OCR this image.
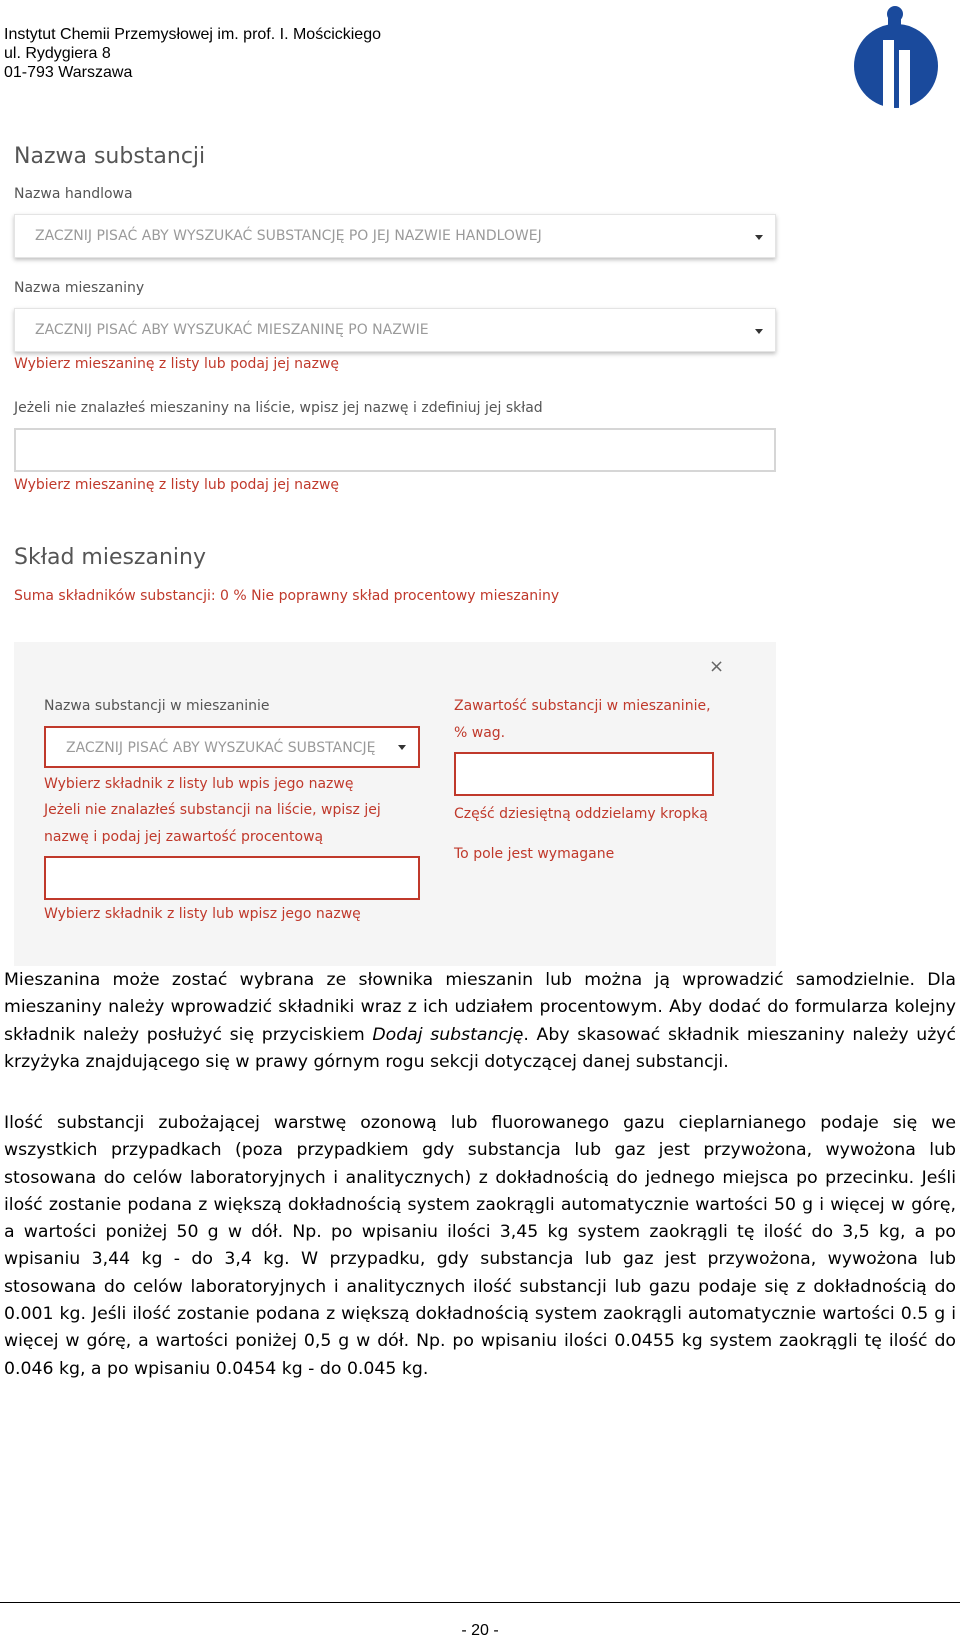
Instytut Chemii Przemysłowej im. prof. I. Mościckiego
ul. Rydygiera 8
01-793 Warszawa
Nazwa substancji
Nazwa handlowa
ZACZNIJ PISAĆ ABY WYSZUKAĆ SUBSTANCJĘ PO JEJ NAZWIE HANDLOWEJ
Nazwa mieszaniny
ZACZNIJ PISAĆ ABY WYSZUKAĆ MIESZANINĘ PO NAZWIE
Wybierz mieszaninę z listy lub podaj jej nazwę
Jeżeli nie znalazłeś mieszaniny na liście, wpisz jej nazwę i zdefiniuj jej skład
Wybierz mieszaninę z listy lub podaj jej nazwę
Skład mieszaniny
Suma składników substancji: 0 % Nie poprawny skład procentowy mieszaniny
×
Nazwa substancji w mieszaninie
ZACZNIJ PISAĆ ABY WYSZUKAĆ SUBSTANCJĘ
Wybierz składnik z listy lub wpis jego nazwę
Jeżeli nie znalazłeś substancji na liście, wpisz jej
nazwę i podaj jej zawartość procentową
Wybierz składnik z listy lub wpisz jego nazwę
Zawartość substancji w mieszaninie,
% wag.
Część dziesiętną oddzielamy kropką
To pole jest wymagane

Mieszanina może zostać wybrana ze słownika mieszanin lub można ją wprowadzić samodzielnie. Dla mieszaniny należy wprowadzić składniki wraz z ich udziałem procentowym. Aby dodać do formularza kolejny składnik należy posłużyć się przyciskiem Dodaj substancję. Aby skasować składnik mieszaniny należy użyć krzyżyka znajdującego się w prawy górnym rogu sekcji dotyczącej danej substancji.

Ilość substancji zubożającej warstwę ozonową lub fluorowanego gazu cieplarnianego podaje się we wszystkich przypadkach (poza przypadkiem gdy substancja lub gaz jest przywożona, wywożona lub stosowana do celów laboratoryjnych i analitycznych) z dokładnością do jednego miejsca po przecinku. Jeśli ilość zostanie podana z większą dokładnością system zaokrągli automatycznie wartości 50 g i więcej w górę, a wartości poniżej 50 g w dół. Np. po wpisaniu ilości 3,45 kg system zaokrągli tę ilość do 3,5 kg, a po wpisaniu 3,44 kg - do 3,4 kg. W przypadku, gdy substancja lub gaz jest przywożona, wywożona lub stosowana do celów laboratoryjnych i analitycznych ilość substancji lub gazu podaje się z dokładnością do 0.001 kg. Jeśli ilość zostanie podana z większą dokładnością system zaokrągli automatycznie wartości 0.5 g i więcej w górę, a wartości poniżej 0,5 g w dół. Np. po wpisaniu ilości 0.0455 kg system zaokrągli tę ilość do 0.046 kg, a po wpisaniu 0.0454 kg - do 0.045 kg.

- 20 -
